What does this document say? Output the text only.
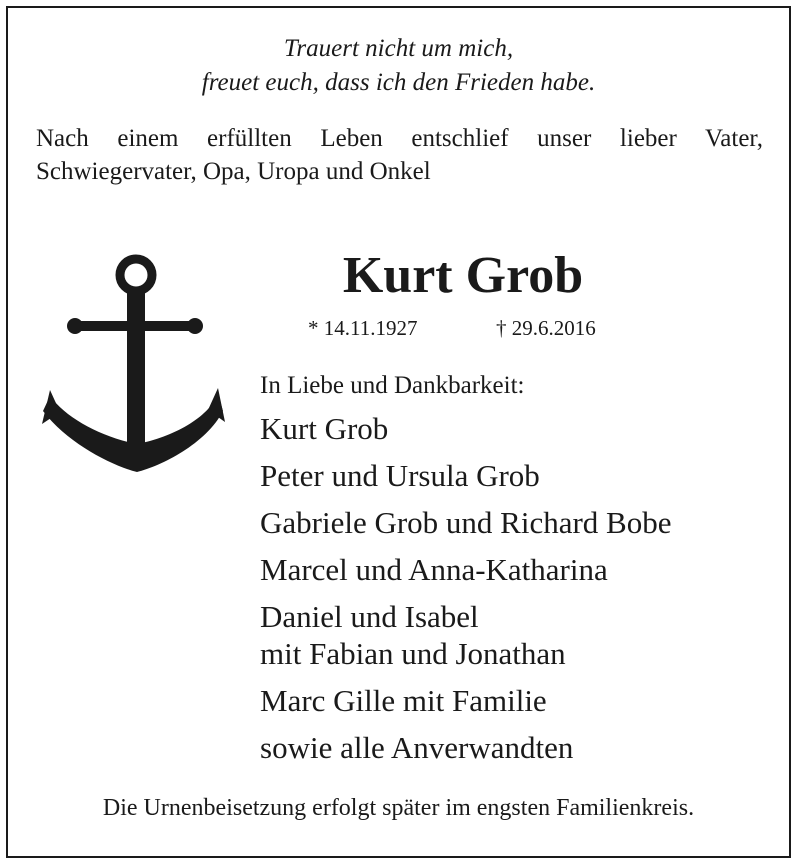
Trauert nicht um mich,
freuet euch, dass ich den Frieden habe.
Nach einem erfüllten Leben entschlief unser lieber Vater, Schwiegervater, Opa, Uropa und Onkel
Kurt Grob
* 14.11.1927	† 29.6.2016
In Liebe und Dankbarkeit:
Kurt Grob
Peter und Ursula Grob
Gabriele Grob und Richard Bobe
Marcel und Anna-Katharina
Daniel und Isabel
mit Fabian und Jonathan
Marc Gille mit Familie
sowie alle Anverwandten
Die Urnenbeisetzung erfolgt später im engsten Familienkreis.
